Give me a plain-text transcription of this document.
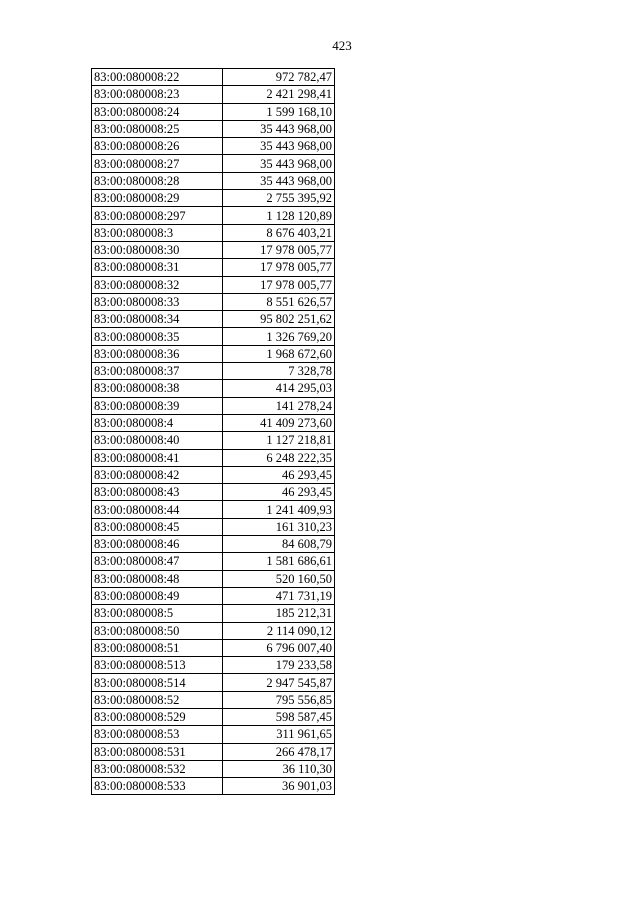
423
83:00:080008:22	972 782,47
83:00:080008:23	2 421 298,41
83:00:080008:24	1 599 168,10
83:00:080008:25	35 443 968,00
83:00:080008:26	35 443 968,00
83:00:080008:27	35 443 968,00
83:00:080008:28	35 443 968,00
83:00:080008:29	2 755 395,92
83:00:080008:297	1 128 120,89
83:00:080008:3	8 676 403,21
83:00:080008:30	17 978 005,77
83:00:080008:31	17 978 005,77
83:00:080008:32	17 978 005,77
83:00:080008:33	8 551 626,57
83:00:080008:34	95 802 251,62
83:00:080008:35	1 326 769,20
83:00:080008:36	1 968 672,60
83:00:080008:37	7 328,78
83:00:080008:38	414 295,03
83:00:080008:39	141 278,24
83:00:080008:4	41 409 273,60
83:00:080008:40	1 127 218,81
83:00:080008:41	6 248 222,35
83:00:080008:42	46 293,45
83:00:080008:43	46 293,45
83:00:080008:44	1 241 409,93
83:00:080008:45	161 310,23
83:00:080008:46	84 608,79
83:00:080008:47	1 581 686,61
83:00:080008:48	520 160,50
83:00:080008:49	471 731,19
83:00:080008:5	185 212,31
83:00:080008:50	2 114 090,12
83:00:080008:51	6 796 007,40
83:00:080008:513	179 233,58
83:00:080008:514	2 947 545,87
83:00:080008:52	795 556,85
83:00:080008:529	598 587,45
83:00:080008:53	311 961,65
83:00:080008:531	266 478,17
83:00:080008:532	36 110,30
83:00:080008:533	36 901,03
